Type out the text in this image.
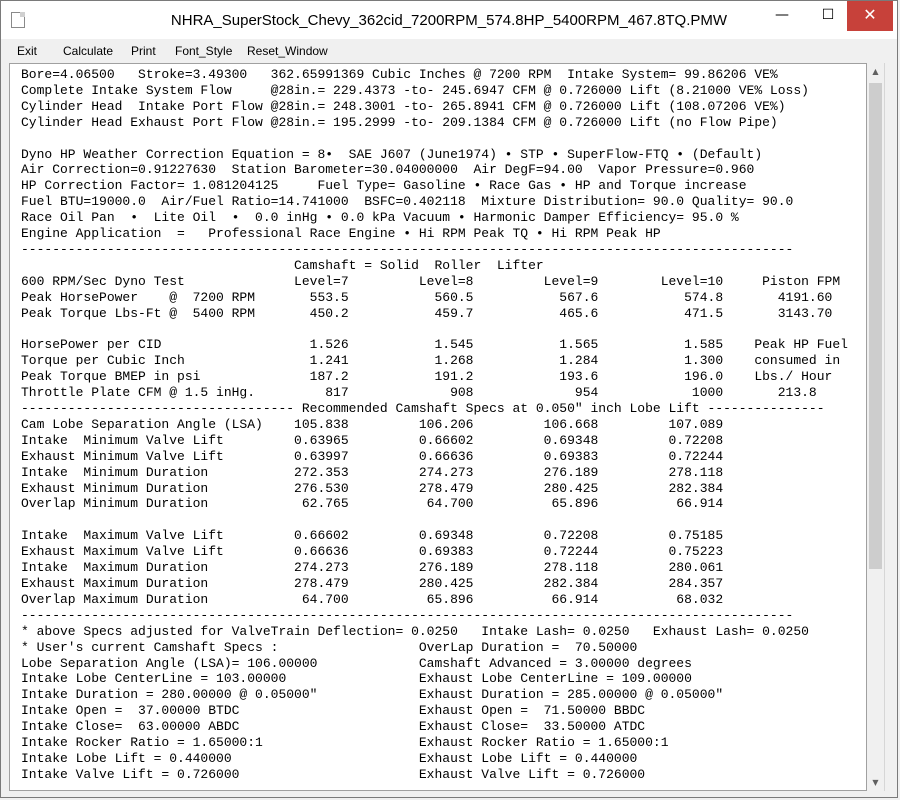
NHRA_SuperStock_Chevy_362cid_7200RPM_574.8HP_5400RPM_467.8TQ.PMW	—	☐	✕
Exit Calculate Print Font_Style Reset_Window
Bore=4.06500   Stroke=3.49300   362.65991369 Cubic Inches @ 7200 RPM  Intake System= 99.86206 VE%
Complete Intake System Flow     @28in.= 229.4373 -to- 245.6947 CFM @ 0.726000 Lift (8.21000 VE% Loss)
Cylinder Head  Intake Port Flow @28in.= 248.3001 -to- 265.8941 CFM @ 0.726000 Lift (108.07206 VE%)
Cylinder Head Exhaust Port Flow @28in.= 195.2999 -to- 209.1384 CFM @ 0.726000 Lift (no Flow Pipe)

Dyno HP Weather Correction Equation = 8•  SAE J607 (June1974) • STP • SuperFlow-FTQ • (Default)
Air Correction=0.91227630  Station Barometer=30.04000000  Air DegF=94.00  Vapor Pressure=0.960
HP Correction Factor= 1.081204125     Fuel Type= Gasoline • Race Gas • HP and Torque increase
Fuel BTU=19000.0  Air/Fuel Ratio=14.741000  BSFC=0.402118  Mixture Distribution= 90.0 Quality= 90.0
Race Oil Pan  •  Lite Oil  •  0.0 inHg • 0.0 kPa Vacuum • Harmonic Damper Efficiency= 95.0 %
Engine Application  =   Professional Race Engine • Hi RPM Peak TQ • Hi RPM Peak HP
---------------------------------------------------------------------------------------------------
Camshaft = Solid  Roller  Lifter
600 RPM/Sec Dyno Test              Level=7         Level=8         Level=9        Level=10     Piston FPM
Peak HorsePower    @  7200 RPM       553.5           560.5           567.6           574.8       4191.60
Peak Torque Lbs-Ft @  5400 RPM       450.2           459.7           465.6           471.5       3143.70

HorsePower per CID                   1.526           1.545           1.565           1.585    Peak HP Fuel
Torque per Cubic Inch                1.241           1.268           1.284           1.300    consumed in
Peak Torque BMEP in psi              187.2           191.2           193.6           196.0    Lbs./ Hour
Throttle Plate CFM @ 1.5 inHg.         817             908             954            1000       213.8
----------------------------------- Recommended Camshaft Specs at 0.050" inch Lobe Lift ---------------
Cam Lobe Separation Angle (LSA)    105.838         106.206         106.668         107.089
Intake  Minimum Valve Lift         0.63965         0.66602         0.69348         0.72208
Exhaust Minimum Valve Lift         0.63997         0.66636         0.69383         0.72244
Intake  Minimum Duration           272.353         274.273         276.189         278.118
Exhaust Minimum Duration           276.530         278.479         280.425         282.384
Overlap Minimum Duration            62.765          64.700          65.896          66.914

Intake  Maximum Valve Lift         0.66602         0.69348         0.72208         0.75185
Exhaust Maximum Valve Lift         0.66636         0.69383         0.72244         0.75223
Intake  Maximum Duration           274.273         276.189         278.118         280.061
Exhaust Maximum Duration           278.479         280.425         282.384         284.357
Overlap Maximum Duration            64.700          65.896          66.914          68.032
---------------------------------------------------------------------------------------------------
* above Specs adjusted for ValveTrain Deflection= 0.0250   Intake Lash= 0.0250   Exhaust Lash= 0.0250
* User's current Camshaft Specs :                  OverLap Duration =  70.50000
Lobe Separation Angle (LSA)= 106.00000             Camshaft Advanced = 3.00000 degrees
Intake Lobe CenterLine = 103.00000                 Exhaust Lobe CenterLine = 109.00000
Intake Duration = 280.00000 @ 0.05000"             Exhaust Duration = 285.00000 @ 0.05000"
Intake Open =  37.00000 BTDC                       Exhaust Open =  71.50000 BBDC
Intake Close=  63.00000 ABDC                       Exhaust Close=  33.50000 ATDC
Intake Rocker Ratio = 1.65000:1                    Exhaust Rocker Ratio = 1.65000:1
Intake Lobe Lift = 0.440000                        Exhaust Lobe Lift = 0.440000
Intake Valve Lift = 0.726000                       Exhaust Valve Lift = 0.726000
▲
▼
